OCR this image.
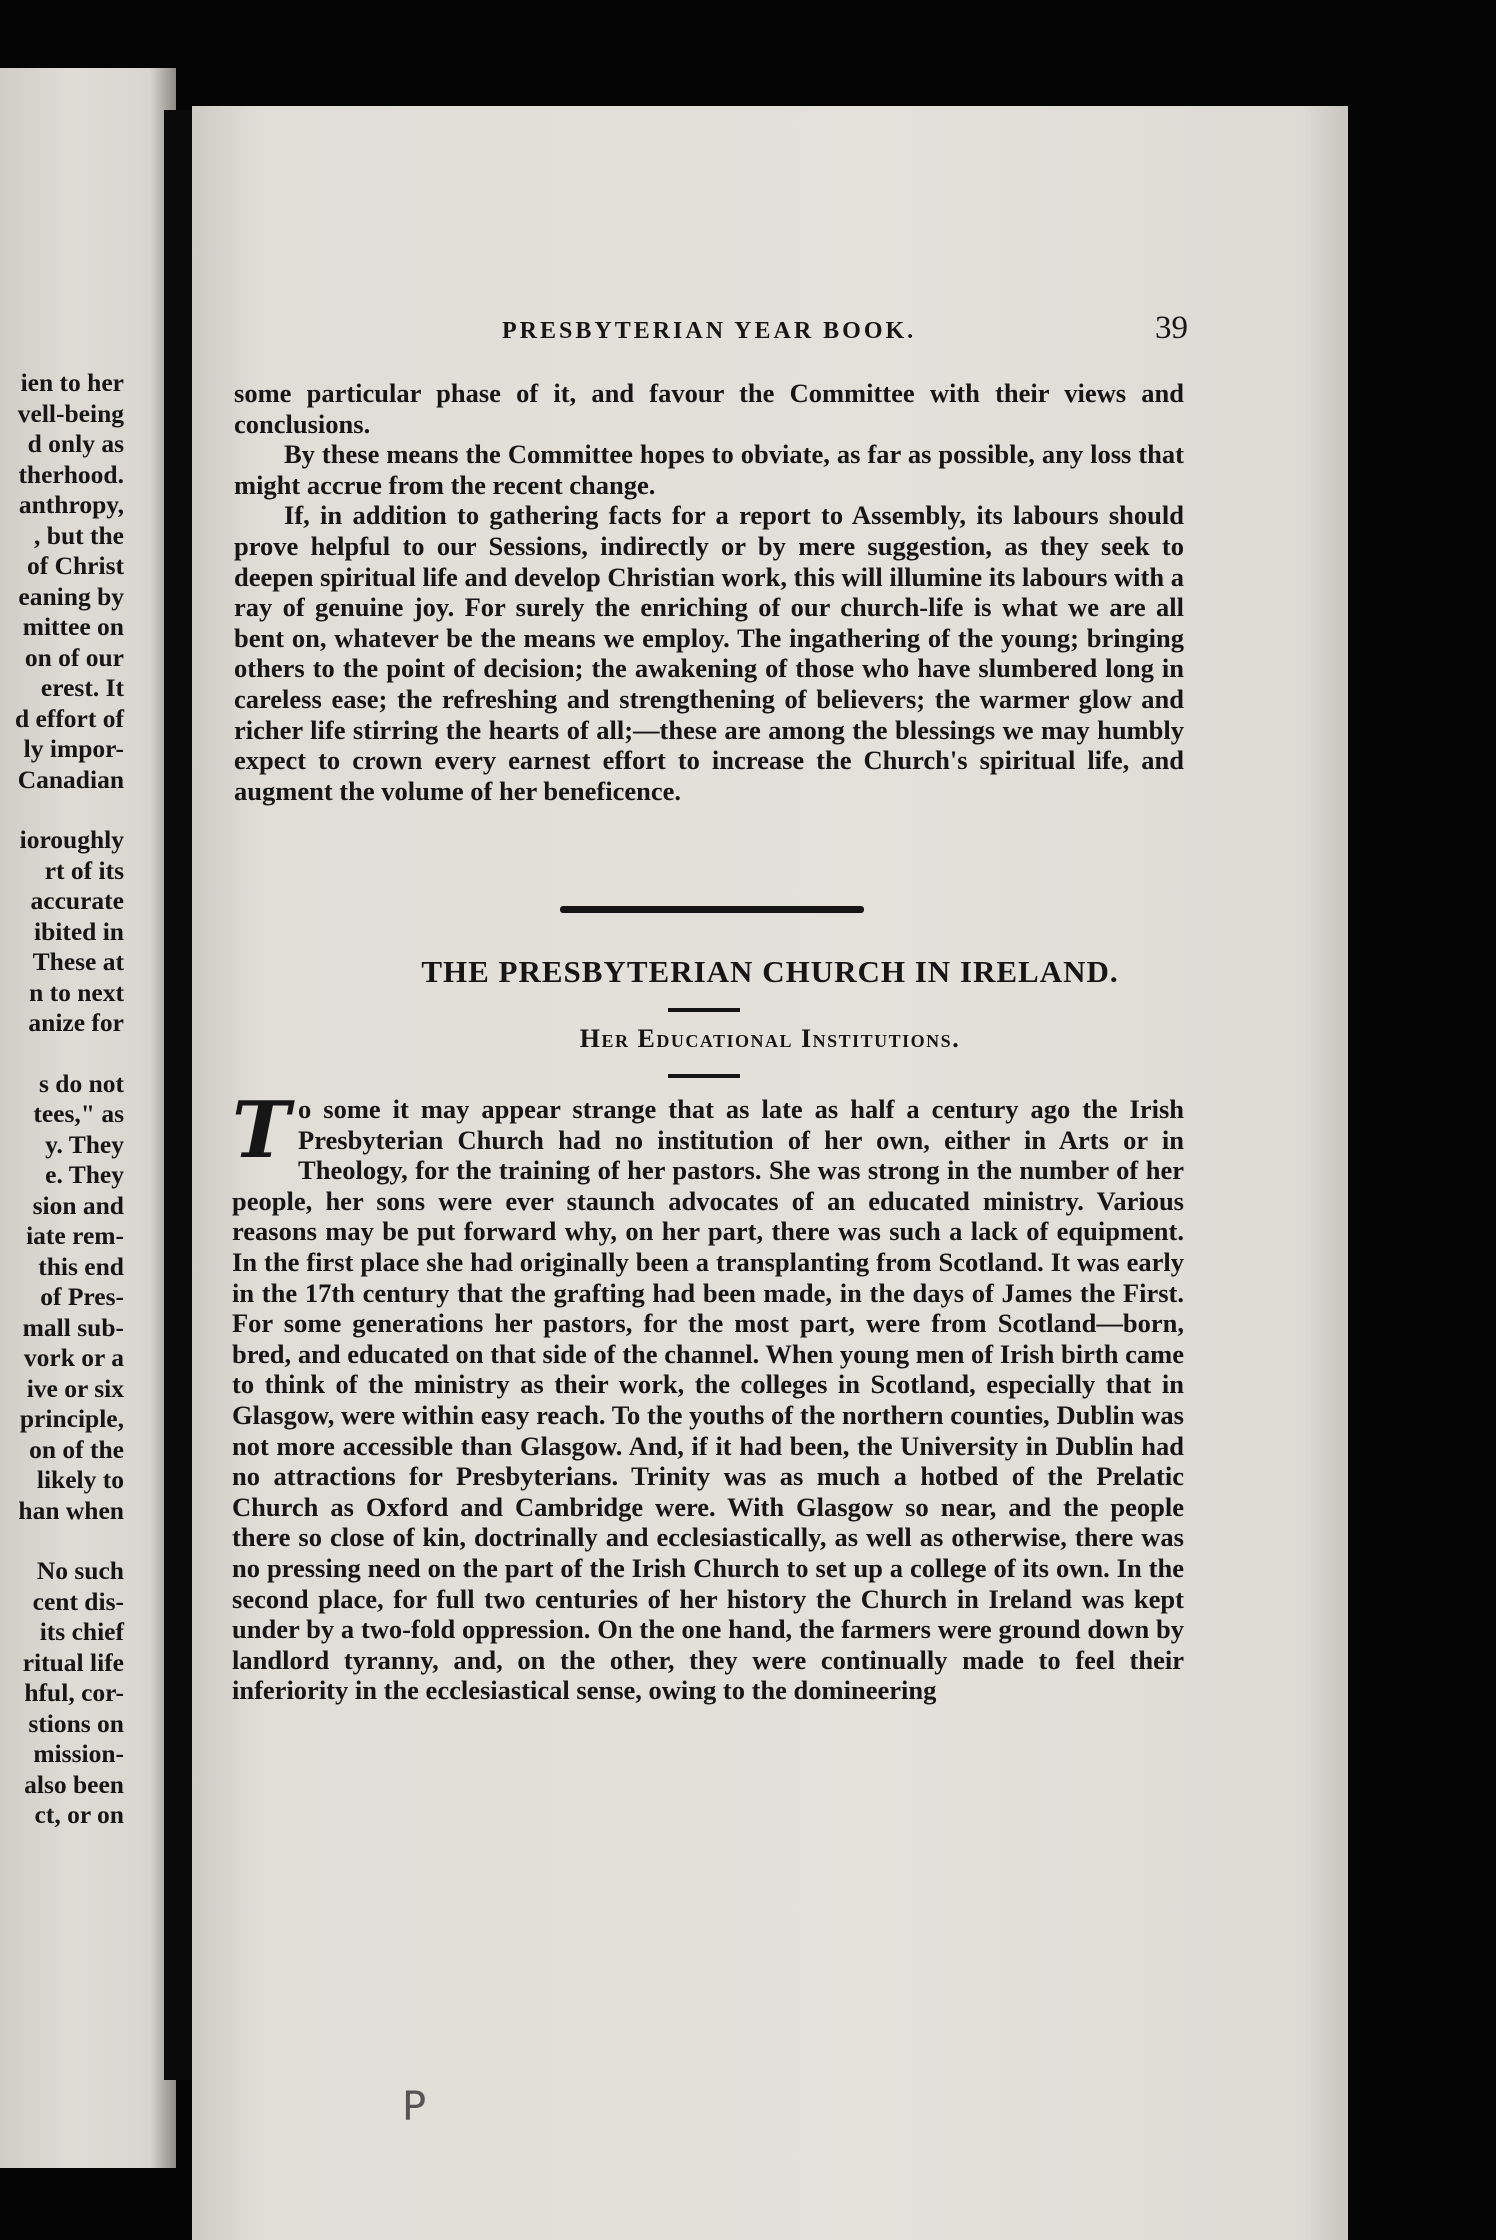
ien to her
vell-being
d only as
therhood.
anthropy,
, but the
of Christ
eaning by
mittee on
on of our
erest. It
d effort of
ly impor-
Canadian
ioroughly
rt of its
accurate
ibited in
These at
n to next
anize for
s do not
tees," as
y. They
e. They
sion and
iate rem-
this end
of Pres-
mall sub-
vork or a
ive or six
principle,
on of the
likely to
han when
No such
cent dis-
its chief
ritual life
hful, cor-
stions on
mission-
also been
ct, or on
PRESBYTERIAN YEAR BOOK.	39

some particular phase of it, and favour the Committee with their views and conclusions.

By these means the Committee hopes to obviate, as far as possible, any loss that might accrue from the recent change.

If, in addition to gathering facts for a report to Assembly, its labours should prove helpful to our Sessions, indirectly or by mere suggestion, as they seek to deepen spiritual life and develop Christian work, this will illumine its labours with a ray of genuine joy. For surely the enriching of our church-life is what we are all bent on, whatever be the means we employ. The ingathering of the young; bringing others to the point of decision; the awakening of those who have slumbered long in careless ease; the refreshing and strengthening of believers; the warmer glow and richer life stirring the hearts of all;—these are among the blessings we may humbly expect to crown every earnest effort to increase the Church's spiritual life, and augment the volume of her beneficence.

THE PRESBYTERIAN CHURCH IN IRELAND.
Her Educational Institutions.
T o some it may appear strange that as late as half a century ago the Irish Presbyterian Church had no institution of her own, either in Arts or in Theology, for the training of her pastors. She was strong in the number of her people, her sons were ever staunch advocates of an educated ministry. Various reasons may be put forward why, on her part, there was such a lack of equipment. In the first place she had originally been a transplanting from Scotland. It was early in the 17th century that the grafting had been made, in the days of James the First. For some generations her pastors, for the most part, were from Scotland—born, bred, and educated on that side of the channel. When young men of Irish birth came to think of the ministry as their work, the colleges in Scotland, especially that in Glasgow, were within easy reach. To the youths of the northern counties, Dublin was not more accessible than Glasgow. And, if it had been, the University in Dublin had no attractions for Presbyterians. Trinity was as much a hotbed of the Prelatic Church as Oxford and Cambridge were. With Glasgow so near, and the people there so close of kin, doctrinally and ecclesiastically, as well as otherwise, there was no pressing need on the part of the Irish Church to set up a college of its own. In the second place, for full two centuries of her history the Church in Ireland was kept under by a two-fold oppression. On the one hand, the farmers were ground down by landlord tyranny, and, on the other, they were continually made to feel their inferiority in the ecclesiastical sense, owing to the domineering

P
